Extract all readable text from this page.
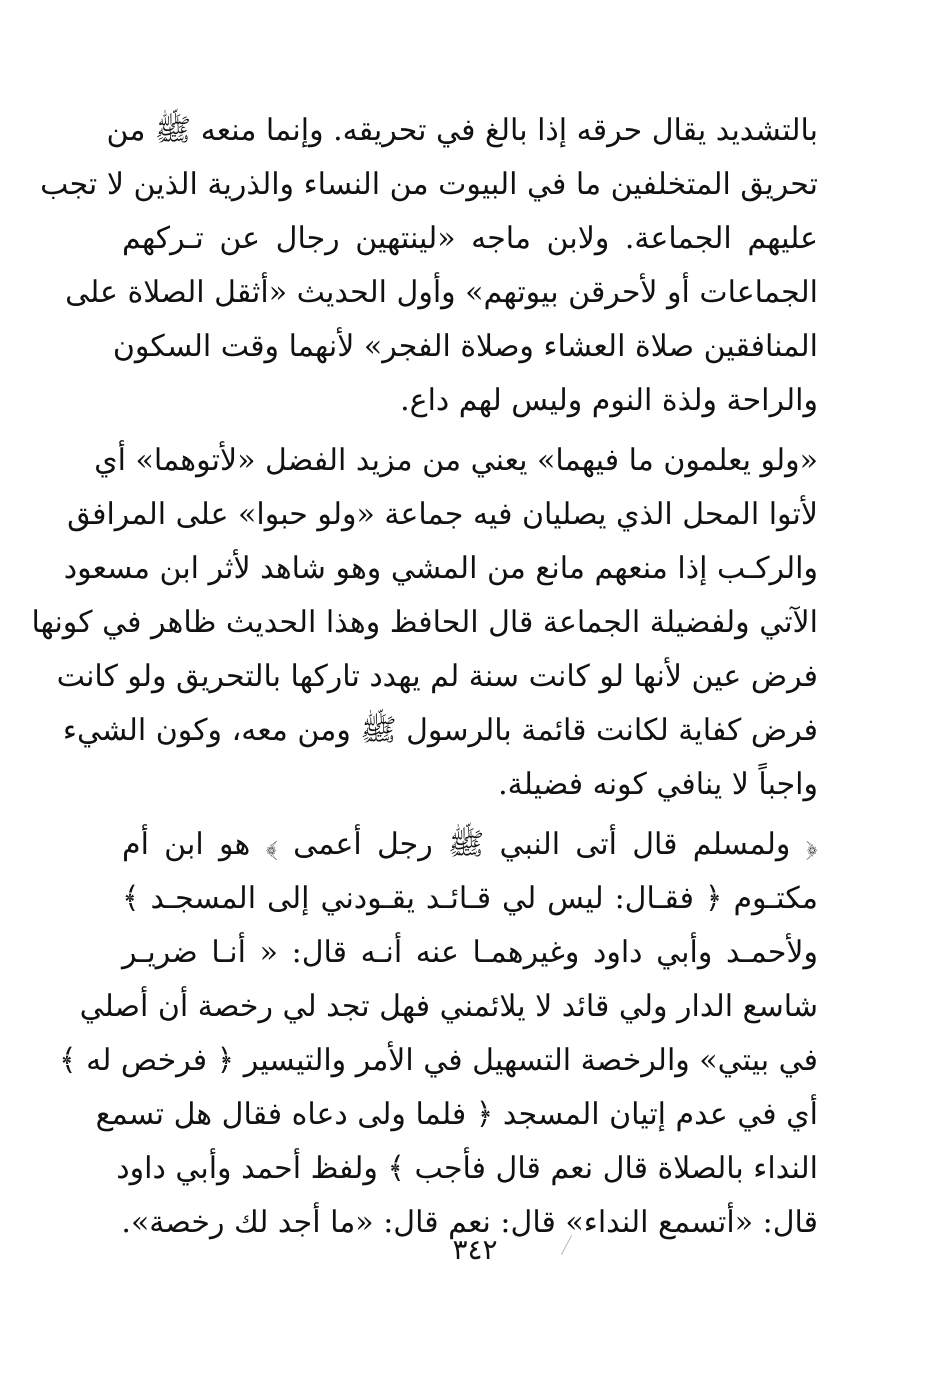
بالتشديد يقال حرقه إذا بالغ في تحريقه. وإنما منعه ﷺ من
تحريق المتخلفين ما في البيوت من النساء والذرية الذين لا تجب
عليهم الجماعة. ولابن ماجه «لينتهين رجال عن تـركهم
الجماعات أو لأحرقن بيوتهم» وأول الحديث «أثقل الصلاة على
المنافقين صلاة العشاء وصلاة الفجر» لأنهما وقت السكون
والراحة ولذة النوم وليس لهم داع.
«ولو يعلمون ما فيهما» يعني من مزيد الفضل «لأتوهما» أي
لأتوا المحل الذي يصليان فيه جماعة «ولو حبوا» على المرافق
والركـب إذا منعهم مانع من المشي وهو شاهد لأثر ابن مسعود
الآتي ولفضيلة الجماعة قال الحافظ وهذا الحديث ظاهر في كونها
فرض عين لأنها لو كانت سنة لم يهدد تاركها بالتحريق ولو كانت
فرض كفاية لكانت قائمة بالرسول ﷺ ومن معه، وكون الشيء
واجباً لا ينافي كونه فضيلة.
﴿ ولمسلم قال أتى النبي ﷺ رجل أعمى ﴾ هو ابن أم
مكتـوم ﴿ فقـال: ليس لي قـائـد يقـودني إلى المسجـد ﴾
ولأحمـد وأبي داود وغيرهمـا عنه أنـه قال: « أنـا ضريـر
شاسع الدار ولي قائد لا يلائمني فهل تجد لي رخصة أن أصلي
في بيتي» والرخصة التسهيل في الأمر والتيسير ﴿ فرخص له ﴾
أي في عدم إتيان المسجد ﴿ فلما ولى دعاه فقال هل تسمع
النداء بالصلاة قال نعم قال فأجب ﴾ ولفظ أحمد وأبي داود
قال: «أتسمع النداء» قال: نعم قال: «ما أجد لك رخصة».
٣٤٢
